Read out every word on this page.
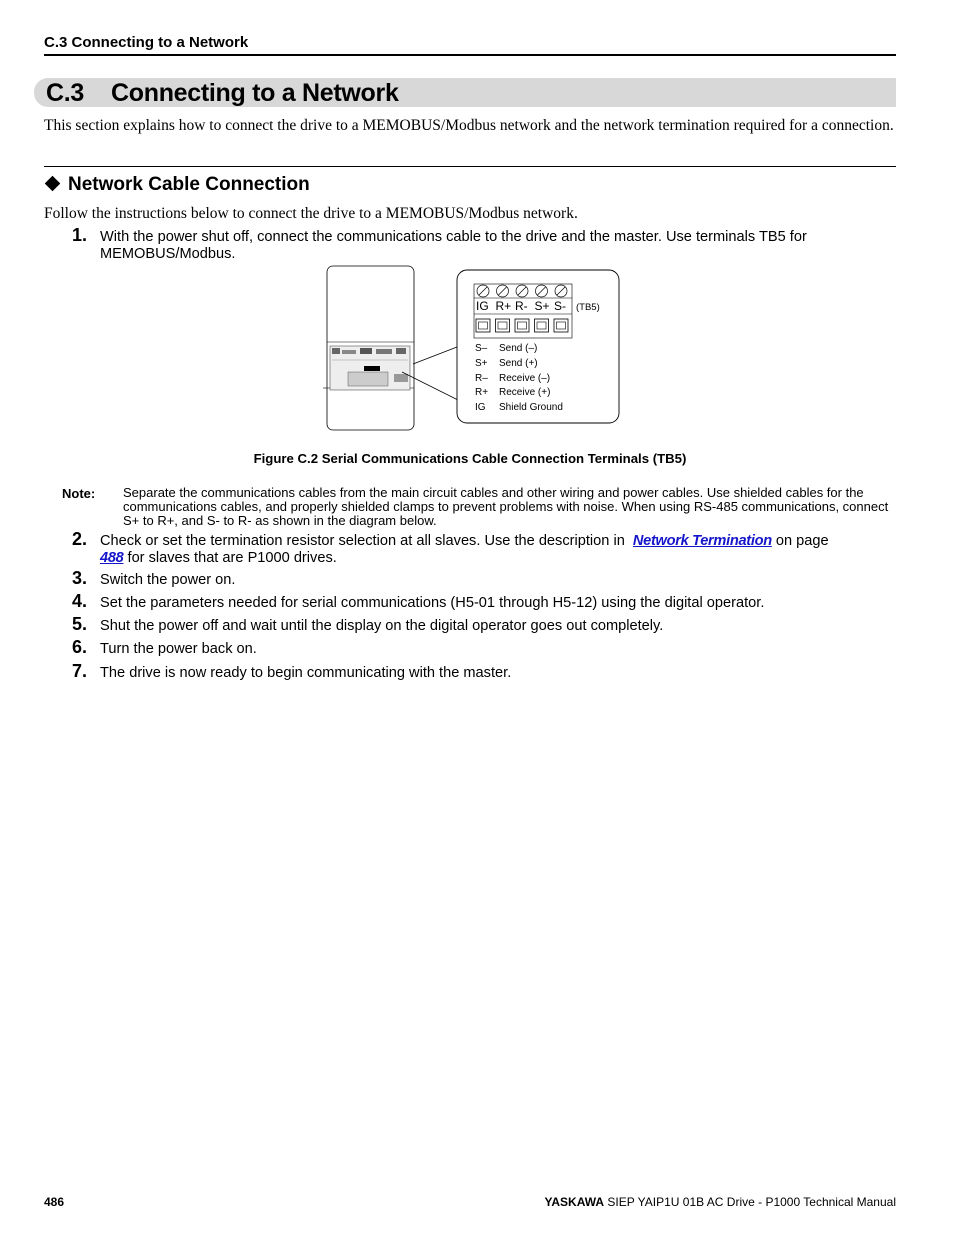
C.3 Connecting to a Network
C.3 Connecting to a Network
This section explains how to connect the drive to a MEMOBUS/Modbus network and the network termination required for a connection.
Network Cable Connection
Follow the instructions below to connect the drive to a MEMOBUS/Modbus network.
1. With the power shut off, connect the communications cable to the drive and the master. Use terminals TB5 for MEMOBUS/Modbus.
IG R+ R- S+ S- (TB5)
S– Send (–)
S+ Send (+)
R– Receive (–)
R+ Receive (+)
IG Shield Ground
Figure C.2 Serial Communications Cable Connection Terminals (TB5)
Note: Separate the communications cables from the main circuit cables and other wiring and power cables. Use shielded cables for the communications cables, and properly shielded clamps to prevent problems with noise. When using RS-485 communications, connect S+ to R+, and S- to R- as shown in the diagram below.
2. Check or set the termination resistor selection at all slaves. Use the description in Network Termination on page
488 for slaves that are P1000 drives.
3. Switch the power on.
4. Set the parameters needed for serial communications (H5-01 through H5-12) using the digital operator.
5. Shut the power off and wait until the display on the digital operator goes out completely.
6. Turn the power back on.
7. The drive is now ready to begin communicating with the master.
486	YASKAWA SIEP YAIP1U 01B AC Drive - P1000 Technical Manual
